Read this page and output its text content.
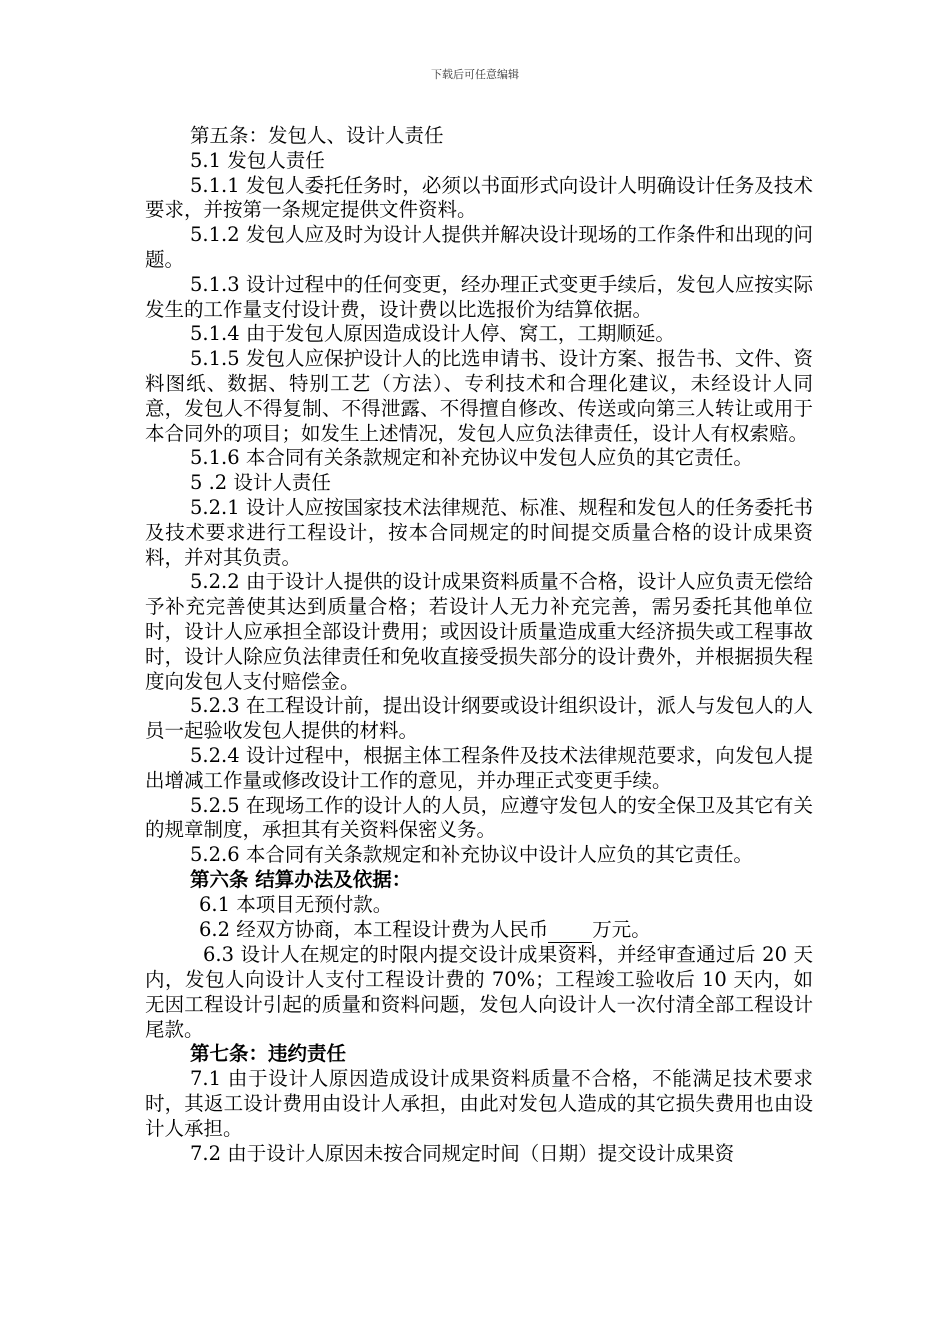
下载后可任意编辑

第五条：发包人、设计人责任

5.1 发包人责任

5.1.1 发包人委托任务时，必须以书面形式向设计人明确设计任务及技术要求，并按第一条规定提供文件资料。

5.1.2 发包人应及时为设计人提供并解决设计现场的工作条件和出现的问题。

5.1.3 设计过程中的任何变更，经办理正式变更手续后，发包人应按实际发生的工作量支付设计费，设计费以比选报价为结算依据。

5.1.4 由于发包人原因造成设计人停、窝工，工期顺延。

5.1.5 发包人应保护设计人的比选申请书、设计方案、报告书、文件、资料图纸、数据、特别工艺（方法）、专利技术和合理化建议，未经设计人同意，发包人不得复制、不得泄露、不得擅自修改、传送或向第三人转让或用于本合同外的项目；如发生上述情况，发包人应负法律责任，设计人有权索赔。

5.1.6 本合同有关条款规定和补充协议中发包人应负的其它责任。

5 .2 设计人责任

5.2.1 设计人应按国家技术法律规范、标准、规程和发包人的任务委托书及技术要求进行工程设计，按本合同规定的时间提交质量合格的设计成果资料，并对其负责。

5.2.2 由于设计人提供的设计成果资料质量不合格，设计人应负责无偿给予补充完善使其达到质量合格；若设计人无力补充完善，需另委托其他单位时，设计人应承担全部设计费用；或因设计质量造成重大经济损失或工程事故时，设计人除应负法律责任和免收直接受损失部分的设计费外，并根据损失程度向发包人支付赔偿金。

5.2.3 在工程设计前，提出设计纲要或设计组织设计，派人与发包人的人员一起验收发包人提供的材料。

5.2.4 设计过程中，根据主体工程条件及技术法律规范要求，向发包人提出增减工作量或修改设计工作的意见，并办理正式变更手续。

5.2.5 在现场工作的设计人的人员，应遵守发包人的安全保卫及其它有关的规章制度，承担其有关资料保密义务。

5.2.6 本合同有关条款规定和补充协议中设计人应负的其它责任。

第六条 结算办法及依据：

6.1 本项目无预付款。

6.2 经双方协商，本工程设计费为人民币 万元。

6.3 设计人在规定的时限内提交设计成果资料，并经审查通过后 20 天内，发包人向设计人支付工程设计费的 70%；工程竣工验收后 10 天内，如无因工程设计引起的质量和资料问题，发包人向设计人一次付清全部工程设计尾款。

第七条：违约责任

7.1 由于设计人原因造成设计成果资料质量不合格，不能满足技术要求时，其返工设计费用由设计人承担，由此对发包人造成的其它损失费用也由设计人承担。

7.2 由于设计人原因未按合同规定时间（日期）提交设计成果资
